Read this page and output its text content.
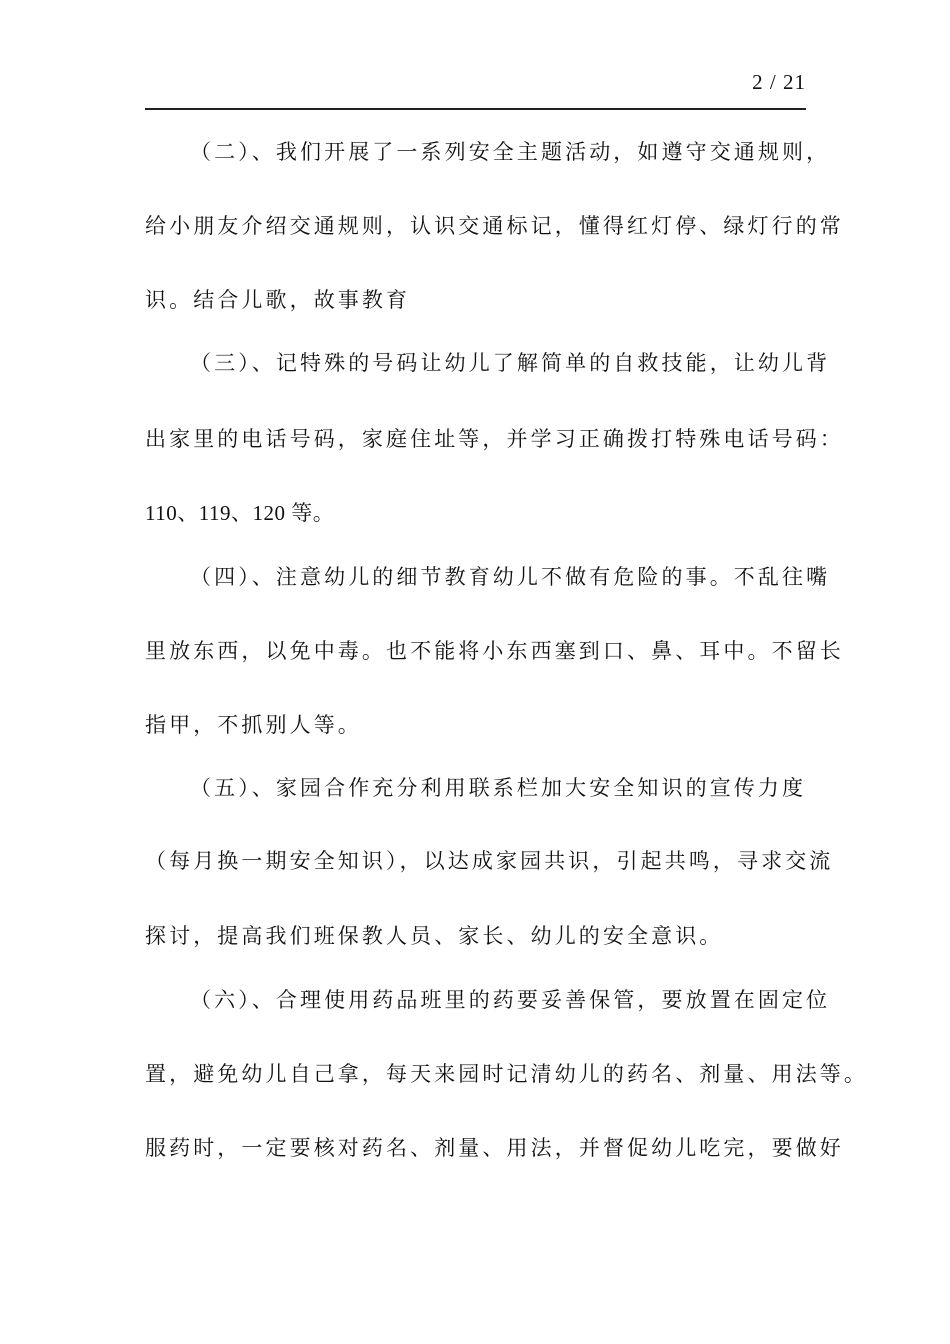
2 / 21
（二）、我们开展了一系列安全主题活动，如遵守交通规则，
给小朋友介绍交通规则，认识交通标记，懂得红灯停、绿灯行的常
识。结合儿歌，故事教育
（三）、记特殊的号码让幼儿了解简单的自救技能，让幼儿背
出家里的电话号码，家庭住址等，并学习正确拨打特殊电话号码：
110、119、120 等。
（四）、注意幼儿的细节教育幼儿不做有危险的事。不乱往嘴
里放东西，以免中毒。也不能将小东西塞到口、鼻、耳中。不留长
指甲，不抓别人等。
（五）、家园合作充分利用联系栏加大安全知识的宣传力度
（每月换一期安全知识），以达成家园共识，引起共鸣，寻求交流
探讨，提高我们班保教人员、家长、幼儿的安全意识。
（六）、合理使用药品班里的药要妥善保管，要放置在固定位
置，避免幼儿自己拿，每天来园时记清幼儿的药名、剂量、用法等。
服药时，一定要核对药名、剂量、用法，并督促幼儿吃完，要做好
